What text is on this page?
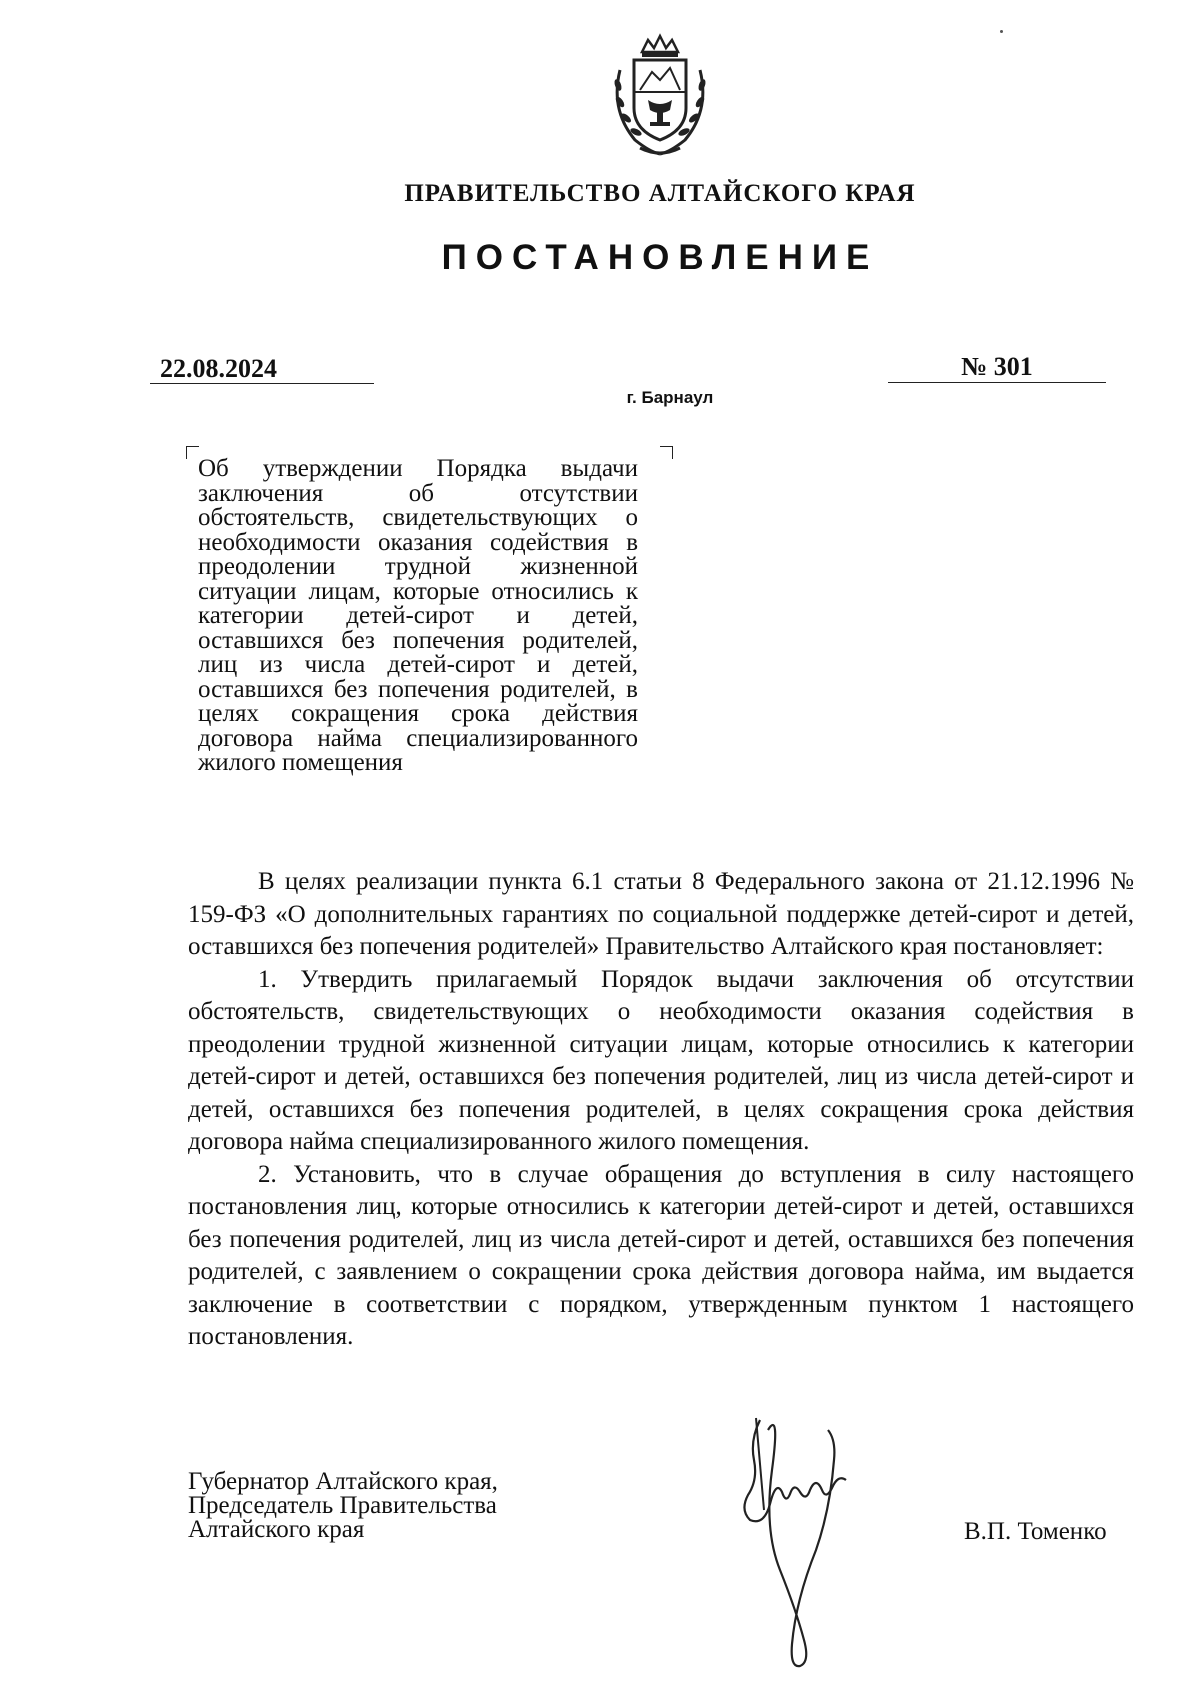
ПРАВИТЕЛЬСТВО АЛТАЙСКОГО КРАЯ
ПОСТАНОВЛЕНИЕ
22.08.2024	№ 301
г. Барнаул
Об утверждении Порядка выдачи заключения об отсутствии обстоятельств, свидетельствующих о необходимости оказания содействия в преодолении трудной жизненной ситуации лицам, которые относились к категории детей-сирот и детей, оставшихся без попечения родителей, лиц из числа детей-сирот и детей, оставшихся без попечения родителей, в целях сокращения срока действия договора найма специализированного жилого помещения

В целях реализации пункта 6.1 статьи 8 Федерального закона от 21.12.1996 № 159-ФЗ «О дополнительных гарантиях по социальной поддержке детей-сирот и детей, оставшихся без попечения родителей» Правительство Алтайского края постановляет:

1. Утвердить прилагаемый Порядок выдачи заключения об отсутствии обстоятельств, свидетельствующих о необходимости оказания содействия в преодолении трудной жизненной ситуации лицам, которые относились к категории детей-сирот и детей, оставшихся без попечения родителей, лиц из числа детей-сирот и детей, оставшихся без попечения родителей, в целях сокращения срока действия договора найма специализированного жилого помещения.

2. Установить, что в случае обращения до вступления в силу настоящего постановления лиц, которые относились к категории детей-сирот и детей, оставшихся без попечения родителей, лиц из числа детей-сирот и детей, оставшихся без попечения родителей, с заявлением о сокращении срока действия договора найма, им выдается заключение в соответствии с порядком, утвержденным пунктом 1 настоящего постановления.

Губернатор Алтайского края,
Председатель Правительства
Алтайского края	В.П. Томенко
